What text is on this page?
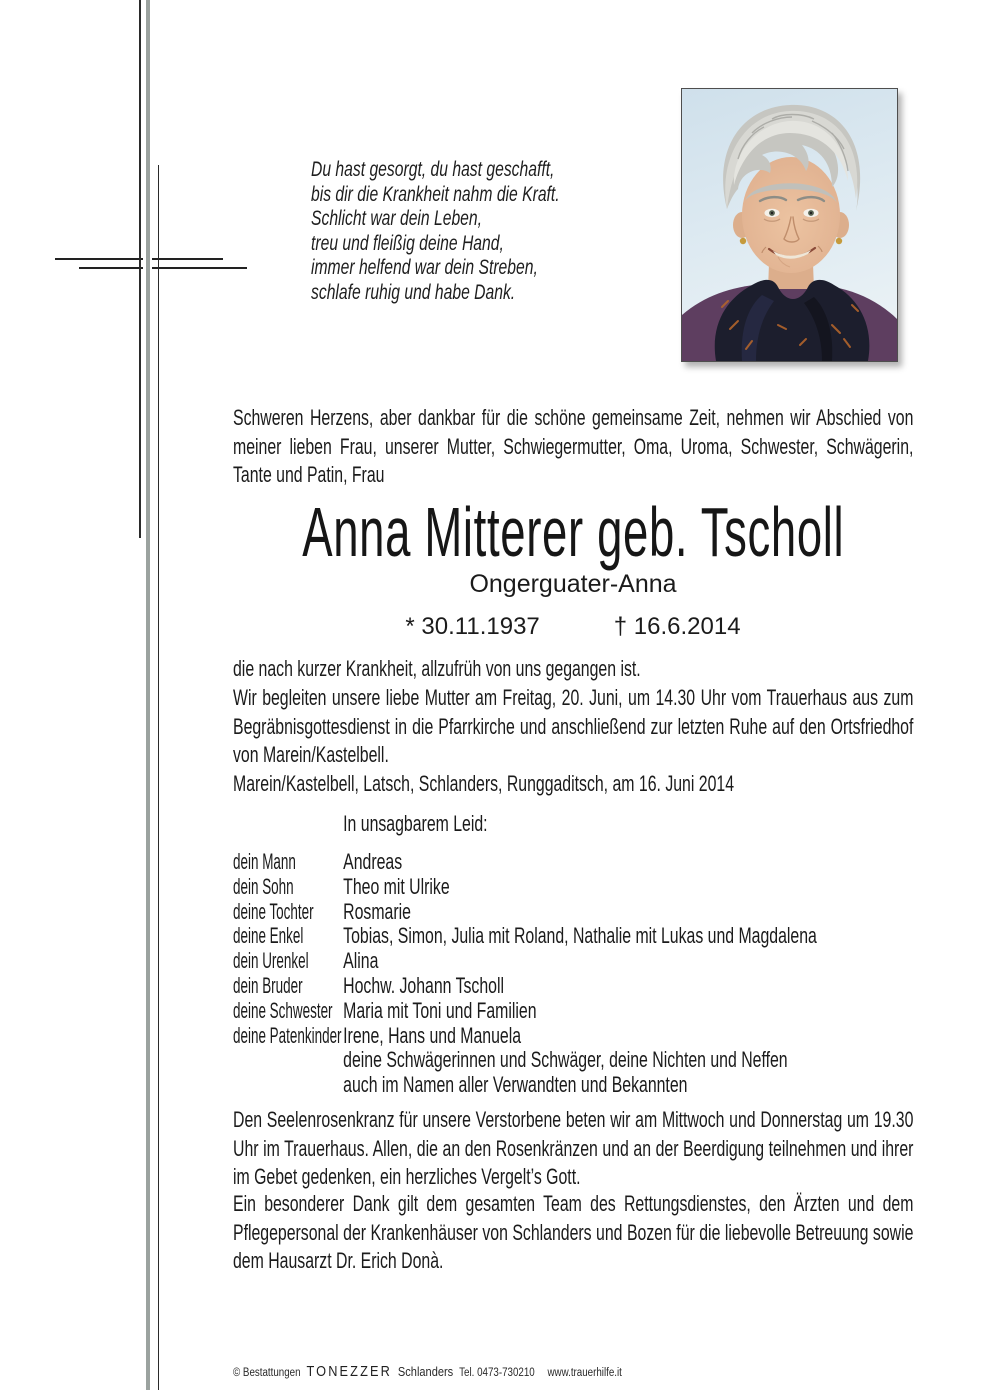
Du hast gesorgt, du hast geschafft,
bis dir die Krankheit nahm die Kraft.
Schlicht war dein Leben,
treu und fleißig deine Hand,
immer helfend war dein Streben,
schlafe ruhig und habe Dank.

Schweren Herzens, aber dankbar für die schöne gemeinsame Zeit, nehmen wir Abschied von meiner lieben Frau, unserer Mutter, Schwiegermutter, Oma, Uroma, Schwester, Schwägerin, Tante und Patin, Frau

Anna Mitterer geb. Tscholl
Ongerguater-Anna
* 30.11.1937	† 16.6.2014

die nach kurzer Krankheit, allzufrüh von uns gegangen ist.

Wir begleiten unsere liebe Mutter am Freitag, 20. Juni, um 14.30 Uhr vom Trauerhaus aus zum Begräbnisgottesdienst in die Pfarrkirche und anschließend zur letzten Ruhe auf den Ortsfriedhof von Marein/Kastelbell.

Marein/Kastelbell, Latsch, Schlanders, Runggaditsch, am 16. Juni 2014

In unsagbarem Leid:
dein Mann Andreas
dein Sohn Theo mit Ulrike
deine Tochter Rosmarie
deine Enkel Tobias, Simon, Julia mit Roland, Nathalie mit Lukas und Magdalena
dein Urenkel Alina
dein Bruder Hochw. Johann Tscholl
deine Schwester Maria mit Toni und Familien
deine Patenkinder Irene, Hans und Manuela
deine Schwägerinnen und Schwäger, deine Nichten und Neffen
auch im Namen aller Verwandten und Bekannten

Den Seelenrosenkranz für unsere Verstorbene beten wir am Mittwoch und Donnerstag um 19.30 Uhr im Trauerhaus. Allen, die an den Rosenkränzen und an der Beerdigung teilnehmen und ihrer im Gebet gedenken, ein herzliches Vergelt’s Gott.

Ein besonderer Dank gilt dem gesamten Team des Rettungsdienstes, den Ärzten und dem Pflegepersonal der Krankenhäuser von Schlanders und Bozen für die liebevolle Betreuung sowie dem Hausarzt Dr. Erich Donà.

© Bestattungen TONEZZER Schlanders Tel. 0473-730210 www.trauerhilfe.it
